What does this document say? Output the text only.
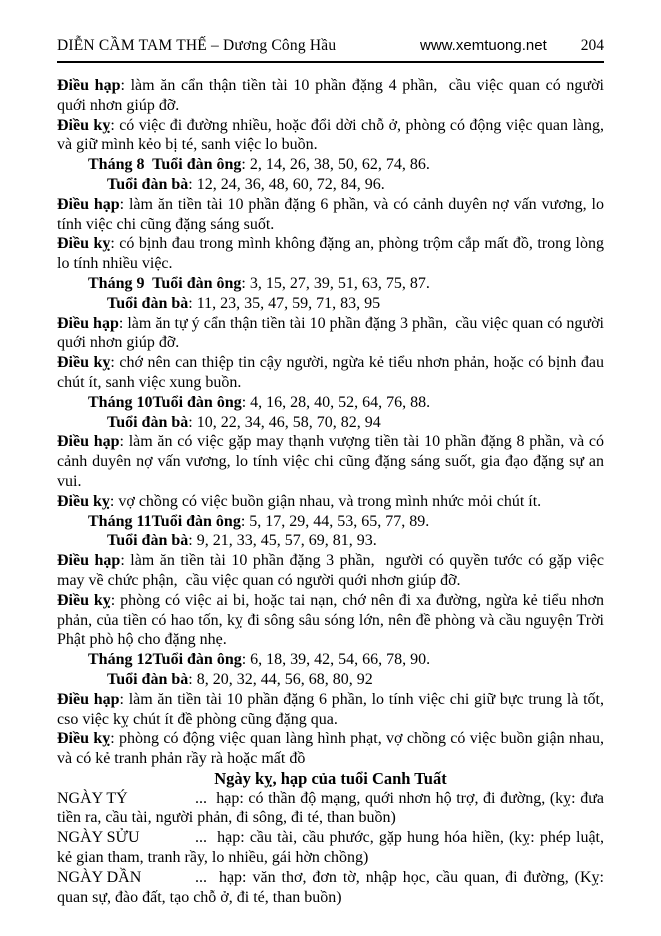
DIỄN CẦM TAM THẾ – Dương Công Hầu	www.xemtuong.net 204

Điều hạp: làm ăn cẩn thận tiền tài 10 phần đặng 4 phần,  cầu việc quan có người quới nhơn giúp đỡ.

Điều kỵ: có việc đi đường nhiều, hoặc đổi dời chỗ ở, phòng có động việc quan làng, và giữ mình kẻo bị té, sanh việc lo buồn.

Tháng 8  Tuổi đàn ông: 2, 14, 26, 38, 50, 62, 74, 86.

Tuổi đàn bà: 12, 24, 36, 48, 60, 72, 84, 96.

Điều hạp: làm ăn tiền tài 10 phần đặng 6 phần, và có cảnh duyên nợ vấn vương, lo tính việc chi cũng đặng sáng suốt.

Điều kỵ: có bịnh đau trong mình không đặng an, phòng trộm cắp mất đồ, trong lòng lo tính nhiều việc.

Tháng 9  Tuổi đàn ông: 3, 15, 27, 39, 51, 63, 75, 87.

Tuổi đàn bà: 11, 23, 35, 47, 59, 71, 83, 95

Điều hạp: làm ăn tự ý cẩn thận tiền tài 10 phần đặng 3 phần,  cầu việc quan có người quới nhơn giúp đỡ.

Điều kỵ: chớ nên can thiệp tin cậy người, ngừa kẻ tiểu nhơn phản, hoặc có bịnh đau chút ít, sanh việc xung buồn.

Tháng 10Tuổi đàn ông: 4, 16, 28, 40, 52, 64, 76, 88.

Tuổi đàn bà: 10, 22, 34, 46, 58, 70, 82, 94

Điều hạp: làm ăn có việc gặp may thạnh vượng tiền tài 10 phần đặng 8 phần, và có cảnh duyên nợ vấn vương, lo tính việc chi cũng đặng sáng suốt, gia đạo đặng sự an vui.

Điều kỵ: vợ chồng có việc buồn giận nhau, và trong mình nhức mỏi chút ít.

Tháng 11Tuổi đàn ông: 5, 17, 29, 44, 53, 65, 77, 89.

Tuổi đàn bà: 9, 21, 33, 45, 57, 69, 81, 93.

Điều hạp: làm ăn tiền tài 10 phần đặng 3 phần,  người có quyền tước có gặp việc may về chức phận,  cầu việc quan có người quới nhơn giúp đỡ.

Điều kỵ: phòng có việc ai bi, hoặc tai nạn, chớ nên đi xa đường, ngừa kẻ tiểu nhơn phản, của tiền có hao tốn, kỵ đi sông sâu sóng lớn, nên đề phòng và cầu nguyện Trời Phật phò hộ cho đặng nhẹ.

Tháng 12Tuổi đàn ông: 6, 18, 39, 42, 54, 66, 78, 90.

Tuổi đàn bà: 8, 20, 32, 44, 56, 68, 80, 92

Điều hạp: làm ăn tiền tài 10 phần đặng 6 phần, lo tính việc chi giữ bực trung là tốt, cso việc kỵ chút ít đề phòng cũng đặng qua.

Điều kỵ: phòng có động việc quan làng hình phạt, vợ chồng có việc buồn giận nhau, và có kẻ tranh phản rầy rà hoặc mất đồ

Ngày kỵ, hạp của tuổi Canh Tuất

NGÀY TÝ	...  hạp: có thần độ mạng, quới nhơn hộ trợ, đi đường, (kỵ: đưa tiền ra, cầu tài, người phản, đi sông, đi té, than buồn)

NGÀY SỬU	...  hạp: cầu tài, cầu phước, gặp hung hóa hiền, (kỵ: phép luật, kẻ gian tham, tranh rầy, lo nhiều, gái hờn chồng)

NGÀY DẦN	...  hạp: văn thơ, đơn tờ, nhập học, cầu quan, đi đường, (Kỵ: quan sự, đào đất, tạo chỗ ở, đi té, than buồn)
